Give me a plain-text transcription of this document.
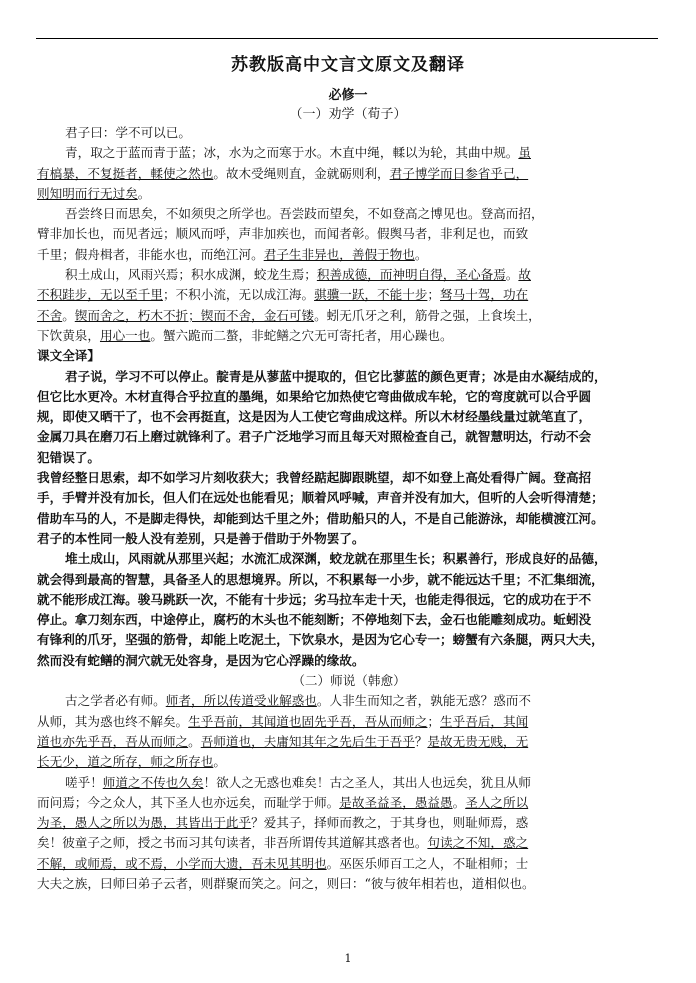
苏教版高中文言文原文及翻译
必修一
（一）劝学（荀子）
君子曰：学不可以已。
青，取之于蓝而青于蓝；冰，水为之而寒于水。木直中绳，輮以为轮，其曲中规。虽
有槁暴，不复挺者，輮使之然也。故木受绳则直，金就砺则利，君子博学而日参省乎己，
则知明而行无过矣。
吾尝终日而思矣，不如须臾之所学也。吾尝跂而望矣，不如登高之博见也。登高而招，
臂非加长也，而见者远；顺风而呼，声非加疾也，而闻者彰。假舆马者，非利足也，而致
千里；假舟楫者，非能水也，而绝江河。君子生非异也，善假于物也。
积土成山，风雨兴焉；积水成渊，蛟龙生焉；积善成德，而神明自得，圣心备焉。故
不积跬步，无以至千里；不积小流，无以成江海。骐骥一跃，不能十步；驽马十驾，功在
不舍。锲而舍之，朽木不折；锲而不舍，金石可镂。蚓无爪牙之利，筋骨之强，上食埃土，
下饮黄泉，用心一也。蟹六跪而二螯，非蛇鳝之穴无可寄托者，用心躁也。
课文全译】
君子说，学习不可以停止。靛青是从蓼蓝中提取的，但它比蓼蓝的颜色更青；冰是由水凝结成的，
但它比水更冷。木材直得合乎拉直的墨绳，如果给它加热使它弯曲做成车轮，它的弯度就可以合乎圆
规，即使又晒干了，也不会再挺直，这是因为人工使它弯曲成这样。所以木材经墨线量过就笔直了，
金属刀具在磨刀石上磨过就锋利了。君子广泛地学习而且每天对照检查自己，就智慧明达，行动不会
犯错误了。
我曾经整日思索，却不如学习片刻收获大；我曾经踮起脚跟眺望，却不如登上高处看得广阔。登高招
手，手臂并没有加长，但人们在远处也能看见；顺着风呼喊，声音并没有加大，但听的人会听得清楚；
借助车马的人，不是脚走得快，却能到达千里之外；借助船只的人，不是自己能游泳，却能横渡江河。
君子的本性同一般人没有差别，只是善于借助于外物罢了。
堆土成山，风雨就从那里兴起；水流汇成深渊，蛟龙就在那里生长；积累善行，形成良好的品德，
就会得到最高的智慧，具备圣人的思想境界。所以，不积累每一小步，就不能远达千里；不汇集细流，
就不能形成江海。骏马跳跃一次，不能有十步远；劣马拉车走十天，也能走得很远，它的成功在于不
停止。拿刀刻东西，中途停止，腐朽的木头也不能刻断；不停地刻下去，金石也能雕刻成功。蚯蚓没
有锋利的爪牙，坚强的筋骨，却能上吃泥土，下饮泉水，是因为它心专一；螃蟹有六条腿，两只大夫，
然而没有蛇鳝的洞穴就无处容身，是因为它心浮躁的缘故。
（二）师说（韩愈）
古之学者必有师。师者，所以传道受业解惑也。人非生而知之者，孰能无惑？惑而不
从师，其为惑也终不解矣。生乎吾前，其闻道也固先乎吾，吾从而师之；生乎吾后，其闻
道也亦先乎吾，吾从而师之。吾师道也，夫庸知其年之先后生于吾乎？是故无贵无贱，无
长无少，道之所存，师之所存也。
嗟乎！师道之不传也久矣！欲人之无惑也难矣！古之圣人，其出人也远矣，犹且从师
而问焉；今之众人，其下圣人也亦远矣，而耻学于师。是故圣益圣，愚益愚。圣人之所以
为圣，愚人之所以为愚，其皆出于此乎？爱其子，择师而教之，于其身也，则耻师焉，惑
矣！彼童子之师，授之书而习其句读者，非吾所谓传其道解其惑者也。句读之不知，惑之
不解，或师焉，或不焉，小学而大遗，吾未见其明也。巫医乐师百工之人，不耻相师；士
大夫之族，曰师曰弟子云者，则群聚而笑之。问之，则曰：“彼与彼年相若也，道相似也。
1
